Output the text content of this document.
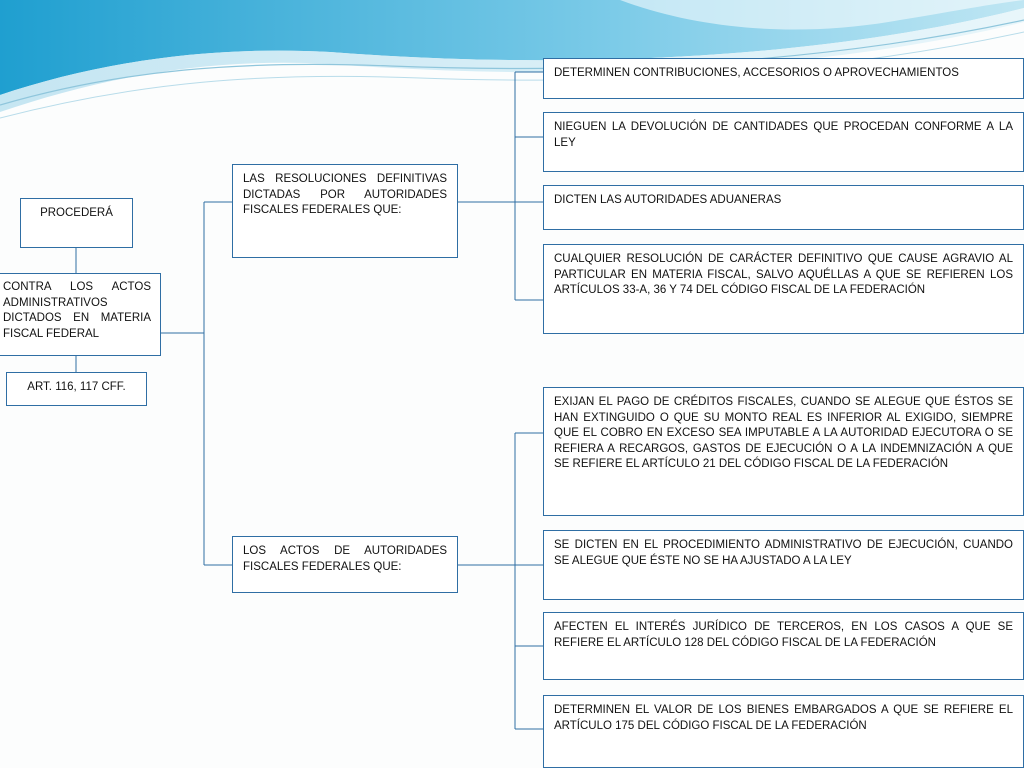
PROCEDERÁ
CONTRA LOS ACTOS ADMINISTRATIVOS DICTADOS EN MATERIA FISCAL FEDERAL
ART. 116, 117 CFF.
LAS RESOLUCIONES DEFINITIVAS DICTADAS POR AUTORIDADES FISCALES FEDERALES QUE:
LOS ACTOS DE AUTORIDADES FISCALES FEDERALES QUE:
DETERMINEN CONTRIBUCIONES, ACCESORIOS O APROVECHAMIENTOS
NIEGUEN LA DEVOLUCIÓN DE CANTIDADES QUE PROCEDAN CONFORME A LA LEY
DICTEN LAS AUTORIDADES ADUANERAS
CUALQUIER RESOLUCIÓN DE CARÁCTER DEFINITIVO QUE CAUSE AGRAVIO AL PARTICULAR EN MATERIA FISCAL, SALVO AQUÉLLAS A QUE SE REFIEREN LOS ARTÍCULOS 33-A, 36 Y 74 DEL CÓDIGO FISCAL DE LA FEDERACIÓN
EXIJAN EL PAGO DE CRÉDITOS FISCALES, CUANDO SE ALEGUE QUE ÉSTOS SE HAN EXTINGUIDO O QUE SU MONTO REAL ES INFERIOR AL EXIGIDO, SIEMPRE QUE EL COBRO EN EXCESO SEA IMPUTABLE A LA AUTORIDAD EJECUTORA O SE REFIERA A RECARGOS, GASTOS DE EJECUCIÓN O A LA INDEMNIZACIÓN A QUE SE REFIERE EL ARTÍCULO 21 DEL CÓDIGO FISCAL DE LA FEDERACIÓN
SE DICTEN EN EL PROCEDIMIENTO ADMINISTRATIVO DE EJECUCIÓN, CUANDO SE ALEGUE QUE ÉSTE NO SE HA AJUSTADO A LA LEY
AFECTEN EL INTERÉS JURÍDICO DE TERCEROS, EN LOS CASOS A QUE SE REFIERE EL ARTÍCULO 128 DEL CÓDIGO FISCAL DE LA FEDERACIÓN
DETERMINEN EL VALOR DE LOS BIENES EMBARGADOS A QUE SE REFIERE EL ARTÍCULO 175 DEL CÓDIGO FISCAL DE LA FEDERACIÓN
